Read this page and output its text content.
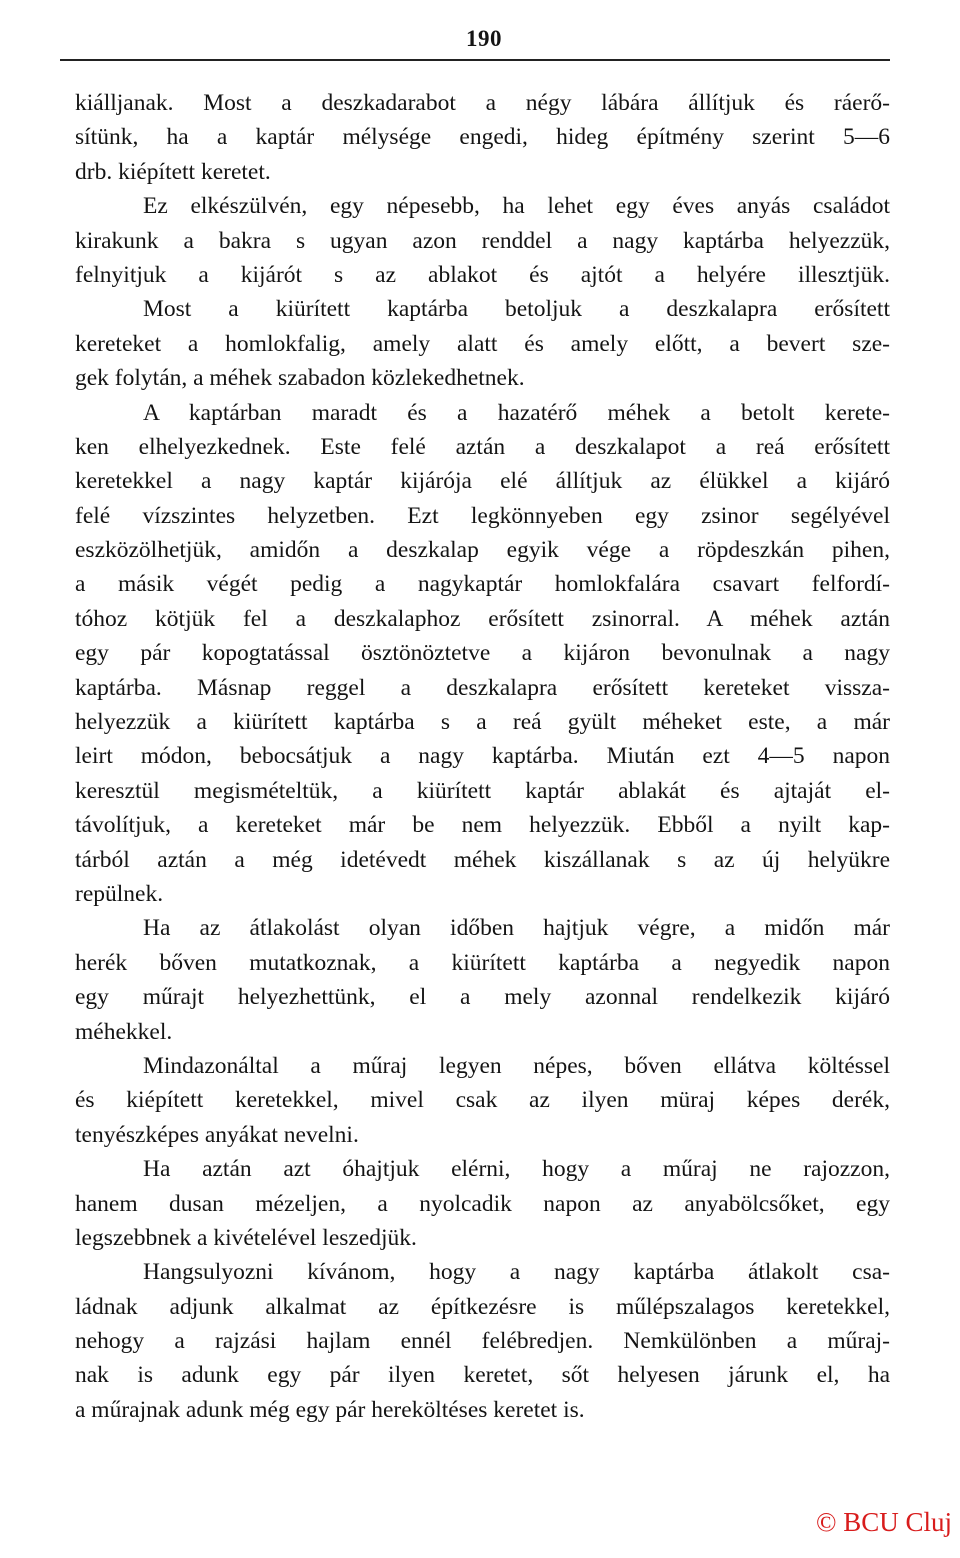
190
kiálljanak. Most a deszkadarabot a négy lábára állítjuk és ráerő-
sítünk, ha a kaptár mélysége engedi, hideg építmény szerint 5—6
drb. kiépített keretet.
Ez elkészülvén, egy népesebb, ha lehet egy éves anyás családot
kirakunk a bakra s ugyan azon renddel a nagy kaptárba helyezzük,
felnyitjuk a kijárót s az ablakot és ajtót a helyére illesztjük.
Most a kiürített kaptárba betoljuk a deszkalapra erősített
kereteket a homlokfalig, amely alatt és amely előtt, a bevert sze-
gek folytán, a méhek szabadon közlekedhetnek.
A kaptárban maradt és a hazatérő méhek a betolt kerete-
ken elhelyezkednek. Este felé aztán a deszkalapot a reá erősített
keretekkel a nagy kaptár kijárója elé állítjuk az élükkel a kijáró
felé vízszintes helyzetben. Ezt legkönnyeben egy zsinor segélyével
eszközölhetjük, amidőn a deszkalap egyik vége a röpdeszkán pihen,
a másik végét pedig a nagykaptár homlokfalára csavart felfordí-
tóhoz kötjük fel a deszkalaphoz erősített zsinorral. A méhek aztán
egy pár kopogtatással ösztönöztetve a kijáron bevonulnak a nagy
kaptárba. Másnap reggel a deszkalapra erősített kereteket vissza-
helyezzük a kiürített kaptárba s a reá gyült méheket este, a már
leirt módon, bebocsátjuk a nagy kaptárba. Miután ezt 4—5 napon
keresztül megismételtük, a kiürített kaptár ablakát és ajtaját el-
távolítjuk, a kereteket már be nem helyezzük. Ebből a nyilt kap-
tárból aztán a még idetévedt méhek kiszállanak s az új helyükre
repülnek.
Ha az átlakolást olyan időben hajtjuk végre, a midőn már
herék bőven mutatkoznak, a kiürített kaptárba a negyedik napon
egy műrajt helyezhettünk, el a mely azonnal rendelkezik kijáró
méhekkel.
Mindazonáltal a műraj legyen népes, bőven ellátva költéssel
és kiépített keretekkel, mivel csak az ilyen müraj képes derék,
tenyészképes anyákat nevelni.
Ha aztán azt óhajtjuk elérni, hogy a műraj ne rajozzon,
hanem dusan mézeljen, a nyolcadik napon az anyabölcsőket, egy
legszebbnek a kivételével leszedjük.
Hangsulyozni kívánom, hogy a nagy kaptárba átlakolt csa-
ládnak adjunk alkalmat az építkezésre is műlépszalagos keretekkel,
nehogy a rajzási hajlam ennél felébredjen. Nemkülönben a műraj-
nak is adunk egy pár ilyen keretet, sőt helyesen járunk el, ha
a műrajnak adunk még egy pár hereköltéses keretet is.
© BCU Cluj
